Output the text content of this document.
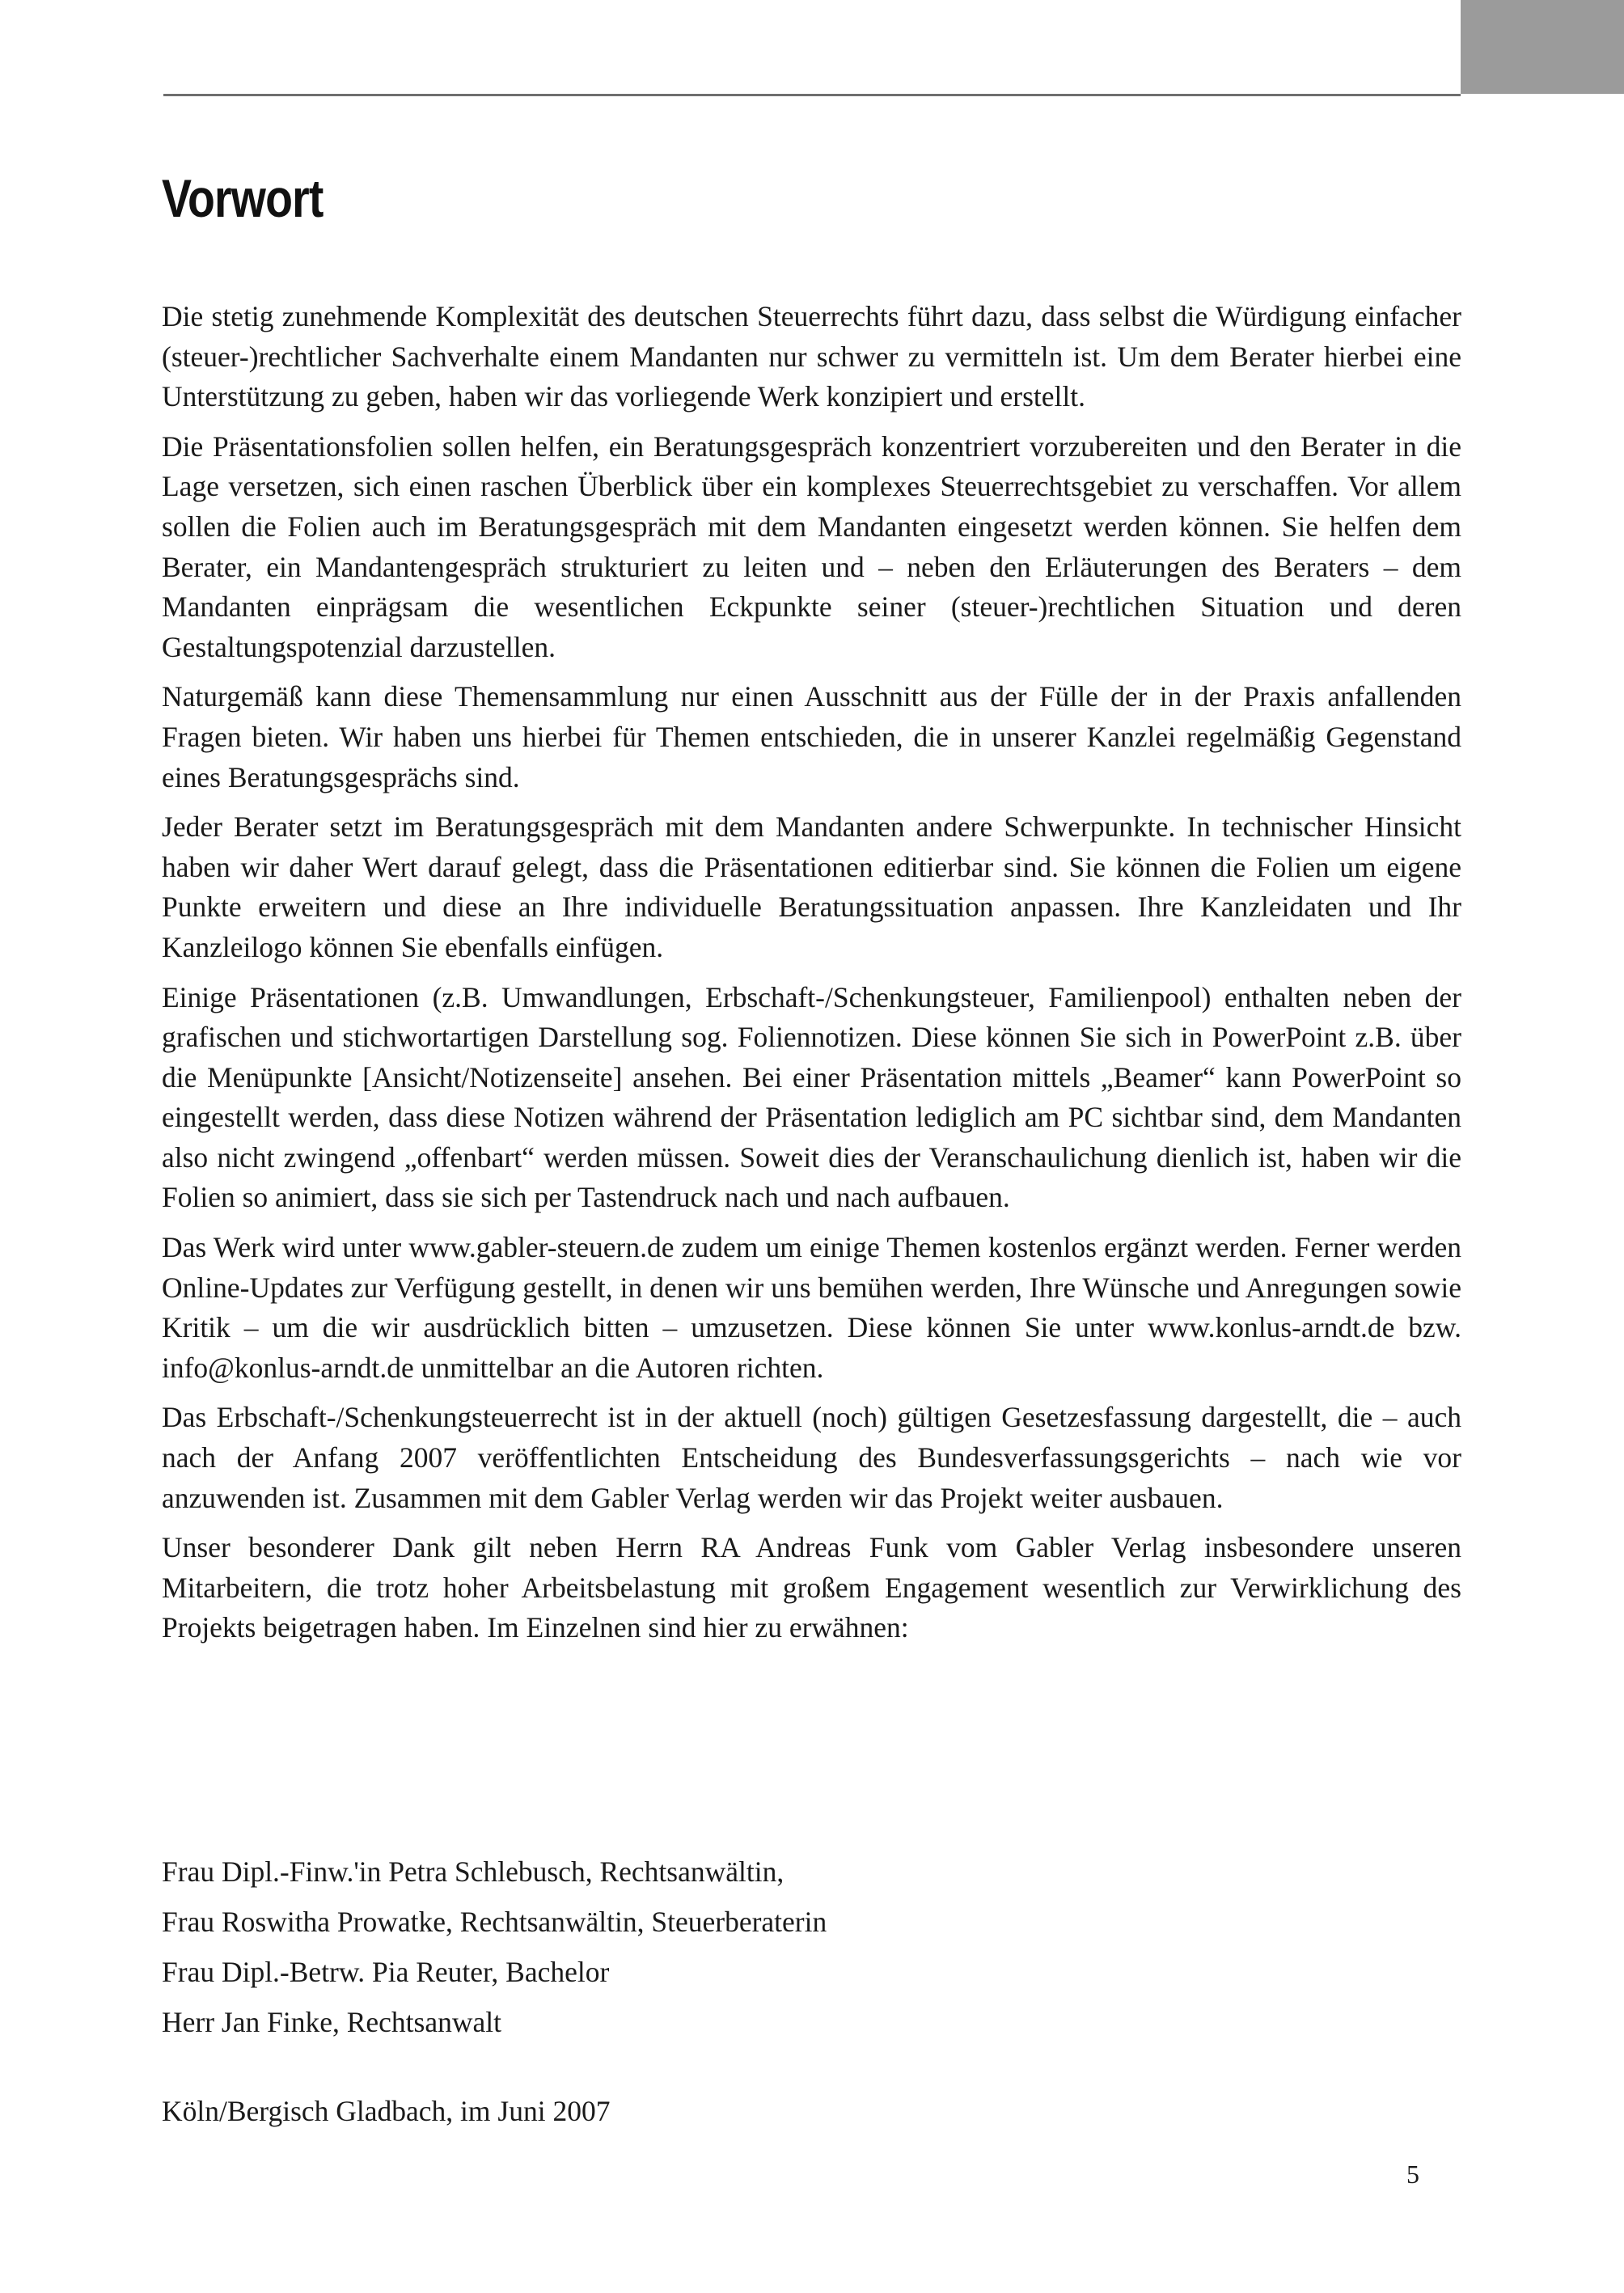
Vorwort

Die stetig zunehmende Komplexität des deutschen Steuerrechts führt dazu, dass selbst die Würdigung einfacher (steuer-)rechtlicher Sachverhalte einem Mandanten nur schwer zu vermitteln ist. Um dem Berater hierbei eine Unterstützung zu geben, haben wir das vorliegende Werk konzipiert und erstellt.

Die Präsentationsfolien sollen helfen, ein Beratungsgespräch konzentriert vorzubereiten und den Berater in die Lage versetzen, sich einen raschen Überblick über ein komplexes Steuerrechtsgebiet zu verschaffen. Vor allem sollen die Folien auch im Beratungsgespräch mit dem Mandanten eingesetzt werden können. Sie helfen dem Berater, ein Mandantengespräch strukturiert zu leiten und – neben den Erläuterungen des Beraters – dem Mandanten einprägsam die wesentlichen Eckpunkte seiner (steuer-)rechtlichen Situation und deren Gestaltungspotenzial darzustellen.

Naturgemäß kann diese Themensammlung nur einen Ausschnitt aus der Fülle der in der Praxis anfallenden Fragen bieten. Wir haben uns hierbei für Themen entschieden, die in unserer Kanzlei regelmäßig Gegenstand eines Beratungsgesprächs sind.

Jeder Berater setzt im Beratungsgespräch mit dem Mandanten andere Schwerpunkte. In technischer Hinsicht haben wir daher Wert darauf gelegt, dass die Präsentationen editierbar sind. Sie können die Folien um eigene Punkte erweitern und diese an Ihre individuelle Beratungssituation anpassen. Ihre Kanzleidaten und Ihr Kanzleilogo können Sie ebenfalls einfügen.

Einige Präsentationen (z.B. Umwandlungen, Erbschaft-/Schenkungsteuer, Familienpool) enthalten neben der grafischen und stichwortartigen Darstellung sog. Foliennotizen. Diese können Sie sich in PowerPoint z.B. über die Menüpunkte [Ansicht/Notizenseite] ansehen. Bei einer Präsentation mittels „Beamer“ kann PowerPoint so eingestellt werden, dass diese Notizen während der Präsentation lediglich am PC sichtbar sind, dem Mandanten also nicht zwingend „offenbart“ werden müssen. Soweit dies der Veranschaulichung dienlich ist, haben wir die Folien so animiert, dass sie sich per Tastendruck nach und nach aufbauen.

Das Werk wird unter www.gabler-steuern.de zudem um einige Themen kostenlos ergänzt werden. Ferner werden Online-Updates zur Verfügung gestellt, in denen wir uns bemühen werden, Ihre Wünsche und Anregungen sowie Kritik – um die wir ausdrücklich bitten – umzusetzen. Diese können Sie unter www.konlus-arndt.de bzw. info@konlus-arndt.de unmittelbar an die Autoren richten.

Das Erbschaft-/Schenkungsteuerrecht ist in der aktuell (noch) gültigen Gesetzesfassung dargestellt, die – auch nach der Anfang 2007 veröffentlichten Entscheidung des Bundesverfassungsgerichts – nach wie vor anzuwenden ist. Zusammen mit dem Gabler Verlag werden wir das Projekt weiter ausbauen.

Unser besonderer Dank gilt neben Herrn RA Andreas Funk vom Gabler Verlag insbesondere unseren Mitarbeitern, die trotz hoher Arbeitsbelastung mit großem Engagement wesentlich zur Verwirklichung des Projekts beigetragen haben. Im Einzelnen sind hier zu erwähnen:

Frau Dipl.-Finw.'in Petra Schlebusch, Rechtsanwältin,
Frau Roswitha Prowatke, Rechtsanwältin, Steuerberaterin
Frau Dipl.-Betrw. Pia Reuter, Bachelor
Herr Jan Finke, Rechtsanwalt
Köln/Bergisch Gladbach, im Juni 2007
5
